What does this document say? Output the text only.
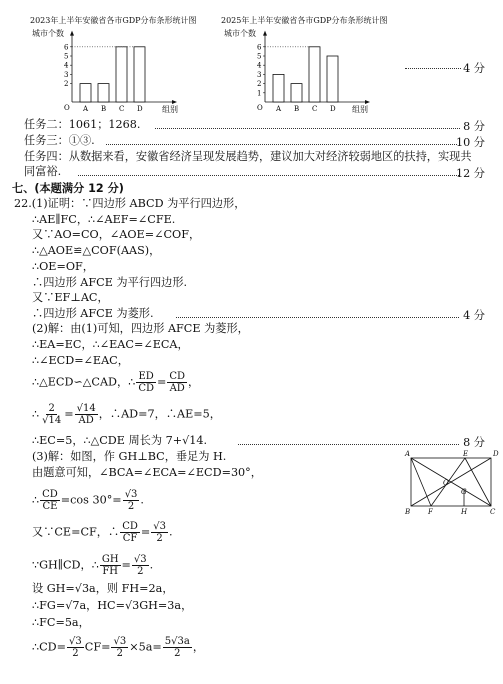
2023年上半年安徽省各市GDP分布条形统计图
城市个数
组别
O
2
3
4
5
6
A B C D
2025年上半年安徽省各市GDP分布条形统计图
城市个数
组别
O
1
2
3
4
5
6
A B C D
4 分
任务二：1061；1268.	8 分
任务三：①③.	10 分
任务四：从数据来看，安徽省经济呈现发展趋势，建议加大对经济较弱地区的扶持，实现共
同富裕.	12 分
七、(本题满分 12 分)
22.(1)证明：∵四边形 ABCD 为平行四边形，
∴AE∥FC，∴∠AEF=∠CFE.
又∵AO=CO，∠AOE=∠COF，
∴△AOE≌△COF(AAS)，
∴OE=OF，
∴四边形 AFCE 为平行四边形.
又∵EF⊥AC，
∴四边形 AFCE 为菱形.	4 分
(2)解：由(1)可知，四边形 AFCE 为菱形，
∴EA=EC，∴∠EAC=∠ECA，
∴∠ECD=∠EAC，
∴△ECD∽△CAD，∴ $\frac{ED}{CD} = \frac{CD}{AD}$ ，
∴ $\frac{2}{√14} = \frac{√14}{AD}$ ，∴AD=7，∴AE=5，
∴EC=5，∴△CDE 周长为 7+√14.	8 分
(3)解：如图，作 GH⊥BC，垂足为 H.
由题意可知，∠BCA=∠ECA=∠ECD=30°，
∴ $\frac{CD}{CE} =\cos$ $30^\circ= \frac{√3}{2}$ .
又∵CE=CF，∴ $\frac{CD}{CF} = \frac{√3}{2}$ .
∵GH∥CD，∴ $\frac{GH}{FH} = \frac{√3}{2}$ .
设 GH=√3a，则 FH=2a，
∴FG=√7a，HC=√3GH=3a，
∴FC=5a，
∴CD= $\frac{√3}{2} CF= \frac{√3}{2} \times 5a= \frac{5√3a}{2}$ ，
A	E	D
O
G
B	F	H	C
